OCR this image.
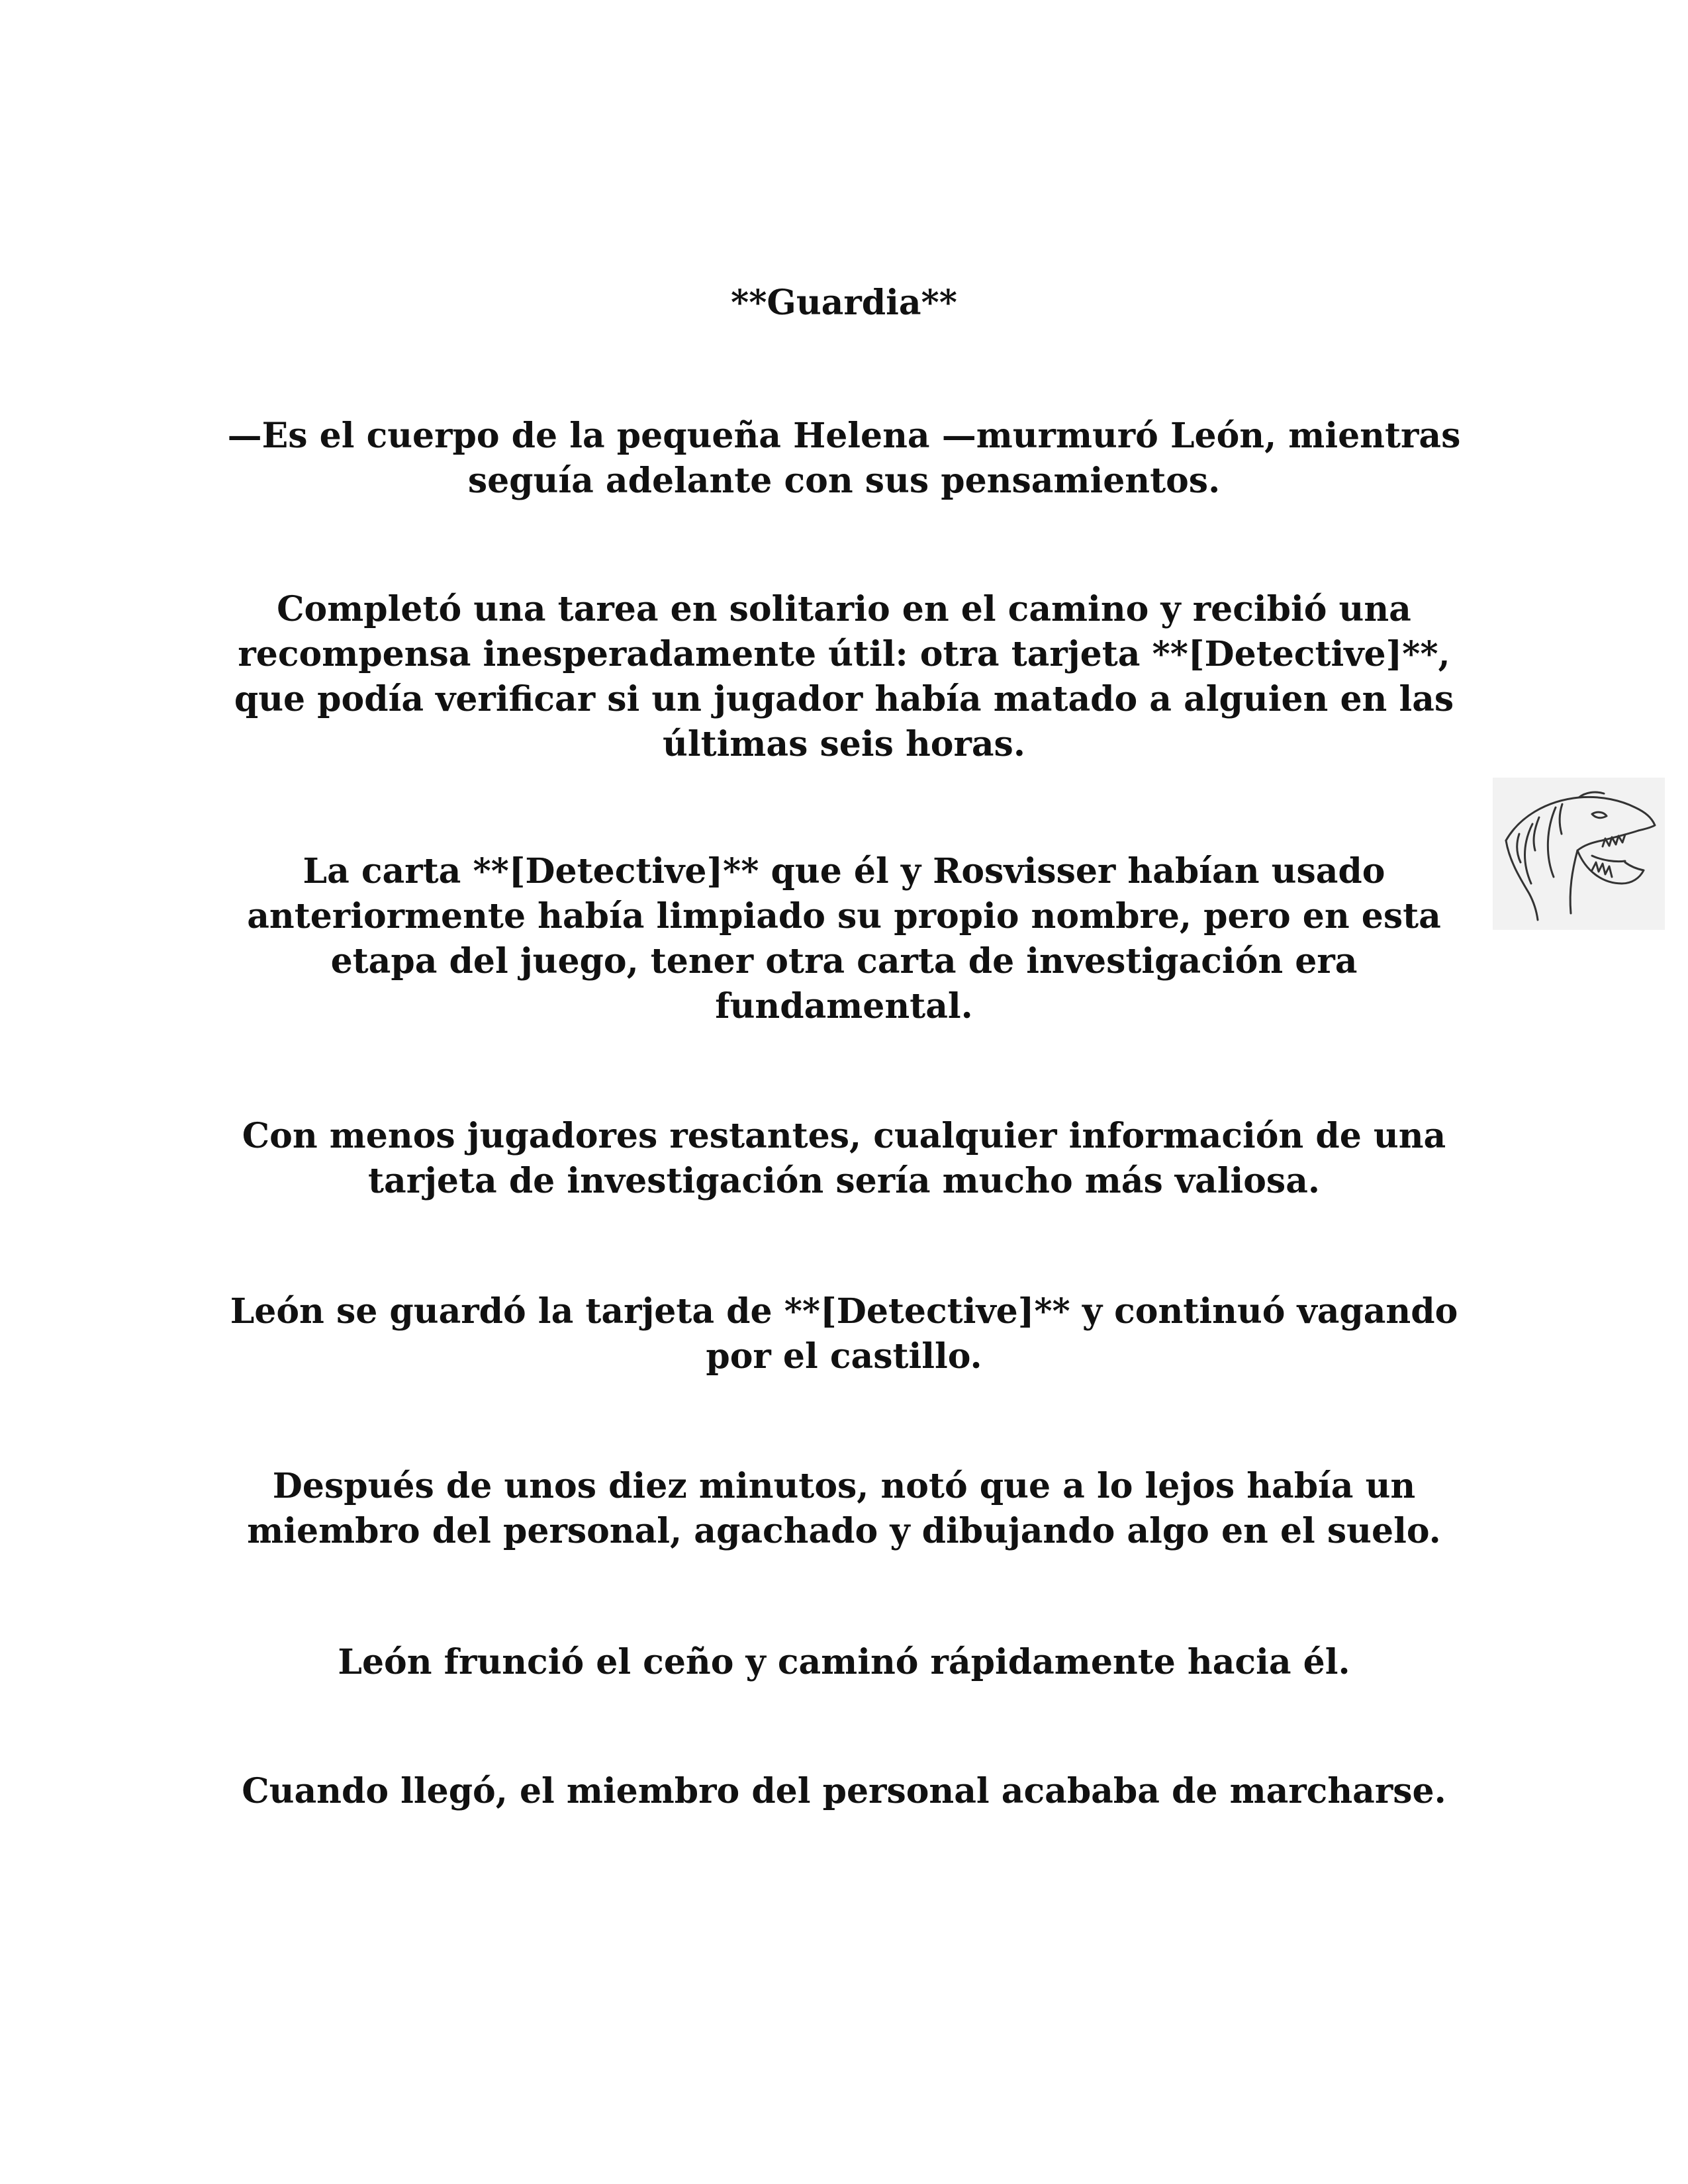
**Guardia**

—Es el cuerpo de la pequeña Helena —murmuró León, mientras seguía adelante con sus pensamientos.

Completó una tarea en solitario en el camino y recibió una recompensa inesperadamente útil: otra tarjeta **[Detective]**, que podía verificar si un jugador había matado a alguien en las últimas seis horas.

La carta **[Detective]** que él y Rosvisser habían usado anteriormente había limpiado su propio nombre, pero en esta etapa del juego, tener otra carta de investigación era fundamental.

Con menos jugadores restantes, cualquier información de una tarjeta de investigación sería mucho más valiosa.

León se guardó la tarjeta de **[Detective]** y continuó vagando por el castillo.

Después de unos diez minutos, notó que a lo lejos había un miembro del personal, agachado y dibujando algo en el suelo.

León frunció el ceño y caminó rápidamente hacia él.

Cuando llegó, el miembro del personal acababa de marcharse.
